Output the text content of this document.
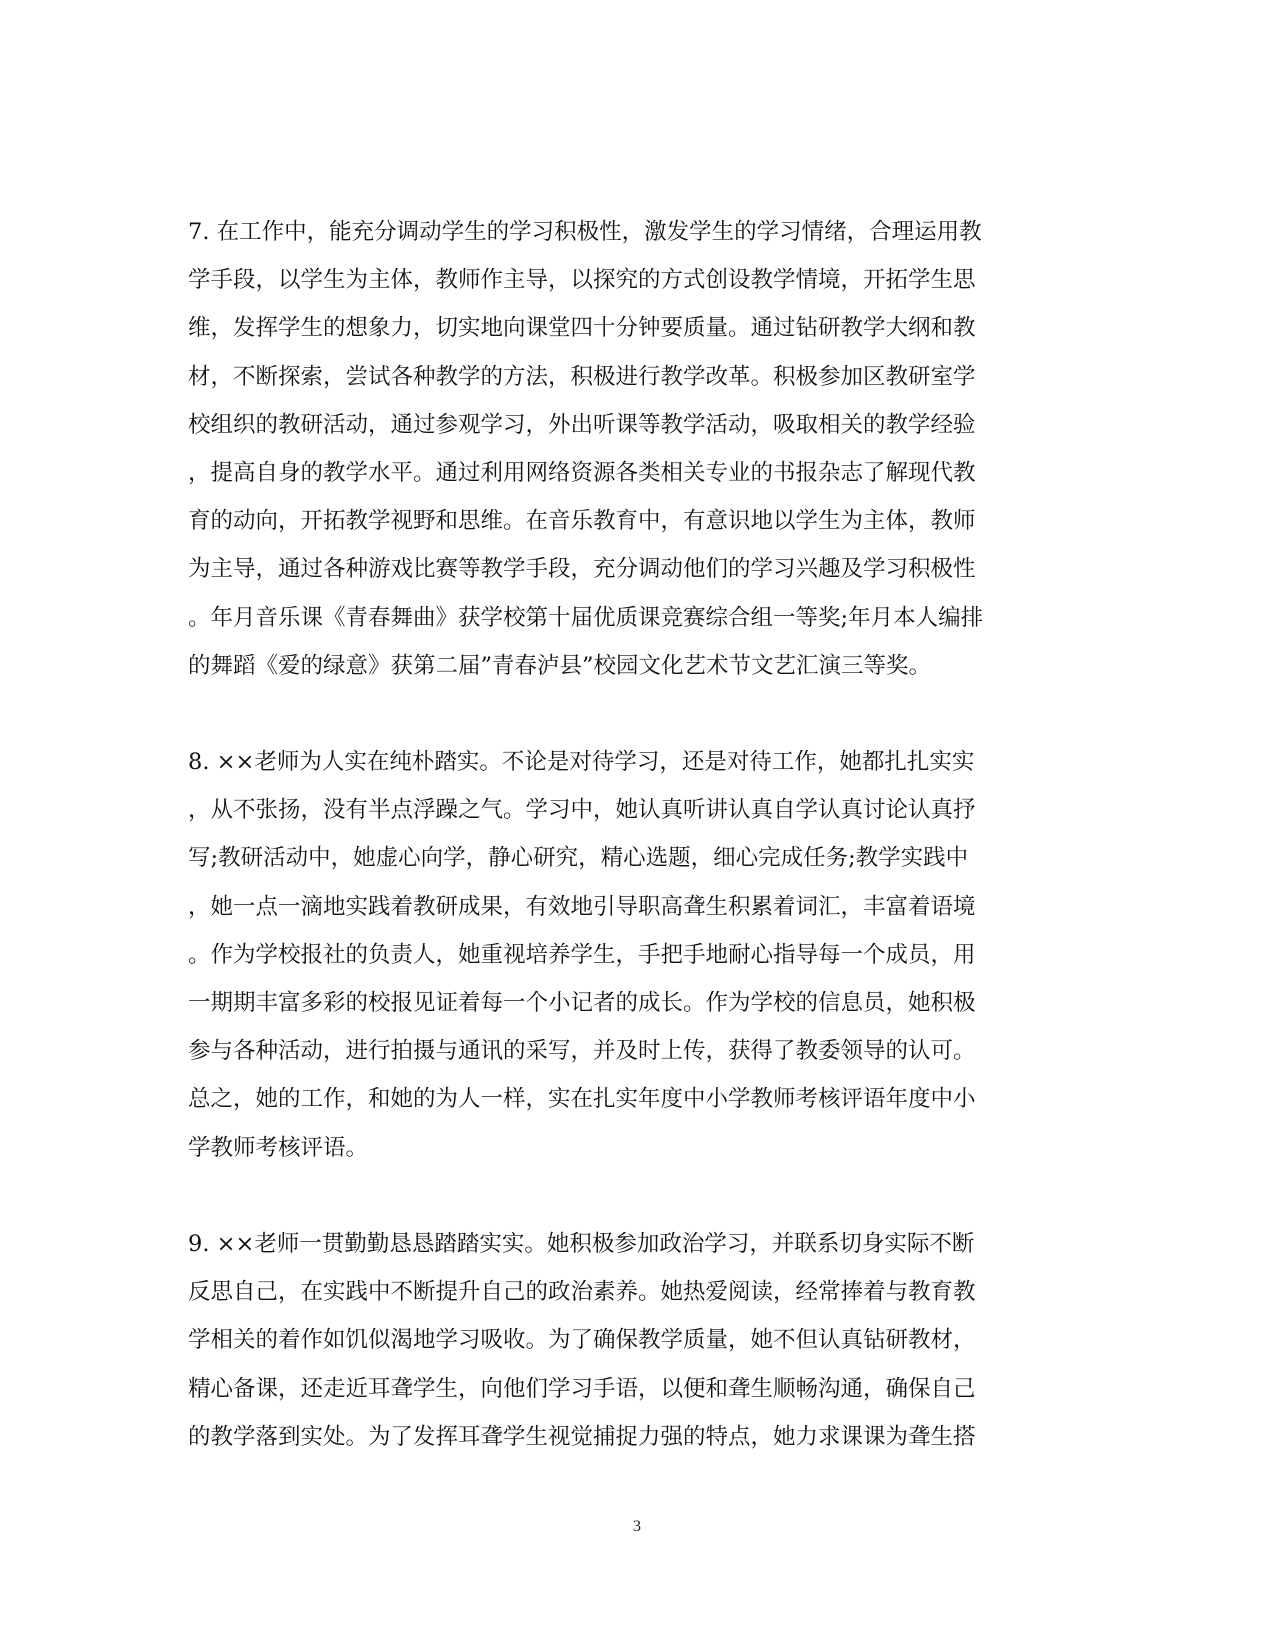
7. 在工作中，能充分调动学生的学习积极性，激发学生的学习情绪，合理运用教
学手段，以学生为主体，教师作主导，以探究的方式创设教学情境，开拓学生思
维，发挥学生的想象力，切实地向课堂四十分钟要质量。通过钻研教学大纲和教
材，不断探索，尝试各种教学的方法，积极进行教学改革。积极参加区教研室学
校组织的教研活动，通过参观学习，外出听课等教学活动，吸取相关的教学经验
，提高自身的教学水平。通过利用网络资源各类相关专业的书报杂志了解现代教
育的动向，开拓教学视野和思维。在音乐教育中，有意识地以学生为主体，教师
为主导，通过各种游戏比赛等教学手段，充分调动他们的学习兴趣及学习积极性
。年月音乐课《青春舞曲》获学校第十届优质课竞赛综合组一等奖;年月本人编排
的舞蹈《爱的绿意》获第二届”青春泸县”校园文化艺术节文艺汇演三等奖。

8. ××老师为人实在纯朴踏实。不论是对待学习，还是对待工作，她都扎扎实实
，从不张扬，没有半点浮躁之气。学习中，她认真听讲认真自学认真讨论认真抒
写;教研活动中，她虚心向学，静心研究，精心选题，细心完成任务;教学实践中
，她一点一滴地实践着教研成果，有效地引导职高聋生积累着词汇，丰富着语境
。作为学校报社的负责人，她重视培养学生，手把手地耐心指导每一个成员，用
一期期丰富多彩的校报见证着每一个小记者的成长。作为学校的信息员，她积极
参与各种活动，进行拍摄与通讯的采写，并及时上传，获得了教委领导的认可。
总之，她的工作，和她的为人一样，实在扎实年度中小学教师考核评语年度中小
学教师考核评语。

9. ××老师一贯勤勤恳恳踏踏实实。她积极参加政治学习，并联系切身实际不断
反思自己，在实践中不断提升自己的政治素养。她热爱阅读，经常捧着与教育教
学相关的着作如饥似渴地学习吸收。为了确保教学质量，她不但认真钻研教材，
精心备课，还走近耳聋学生，向他们学习手语，以便和聋生顺畅沟通，确保自己
的教学落到实处。为了发挥耳聋学生视觉捕捉力强的特点，她力求课课为聋生搭

3
